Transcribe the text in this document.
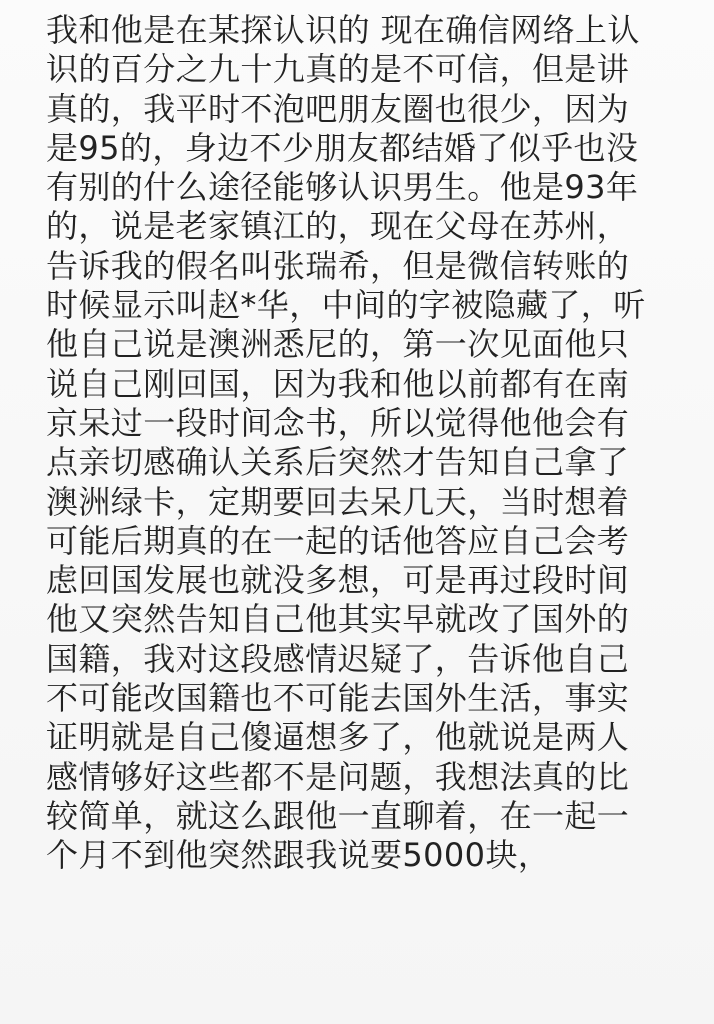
我和他是在某探认识的 现在确信网络上认
识的百分之九十九真的是不可信，但是讲
真的，我平时不泡吧朋友圈也很少，因为
是95的，身边不少朋友都结婚了似乎也没
有别的什么途径能够认识男生。他是93年
的，说是老家镇江的，现在父母在苏州，
告诉我的假名叫张瑞希，但是微信转账的
时候显示叫赵*华，中间的字被隐藏了，听
他自己说是澳洲悉尼的，第一次见面他只
说自己刚回国，因为我和他以前都有在南
京呆过一段时间念书，所以觉得他他会有
点亲切感确认关系后突然才告知自己拿了
澳洲绿卡，定期要回去呆几天，当时想着
可能后期真的在一起的话他答应自己会考
虑回国发展也就没多想，可是再过段时间
他又突然告知自己他其实早就改了国外的
国籍，我对这段感情迟疑了，告诉他自己
不可能改国籍也不可能去国外生活，事实
证明就是自己傻逼想多了，他就说是两人
感情够好这些都不是问题，我想法真的比
较简单，就这么跟他一直聊着，在一起一
个月不到他突然跟我说要5000块，
